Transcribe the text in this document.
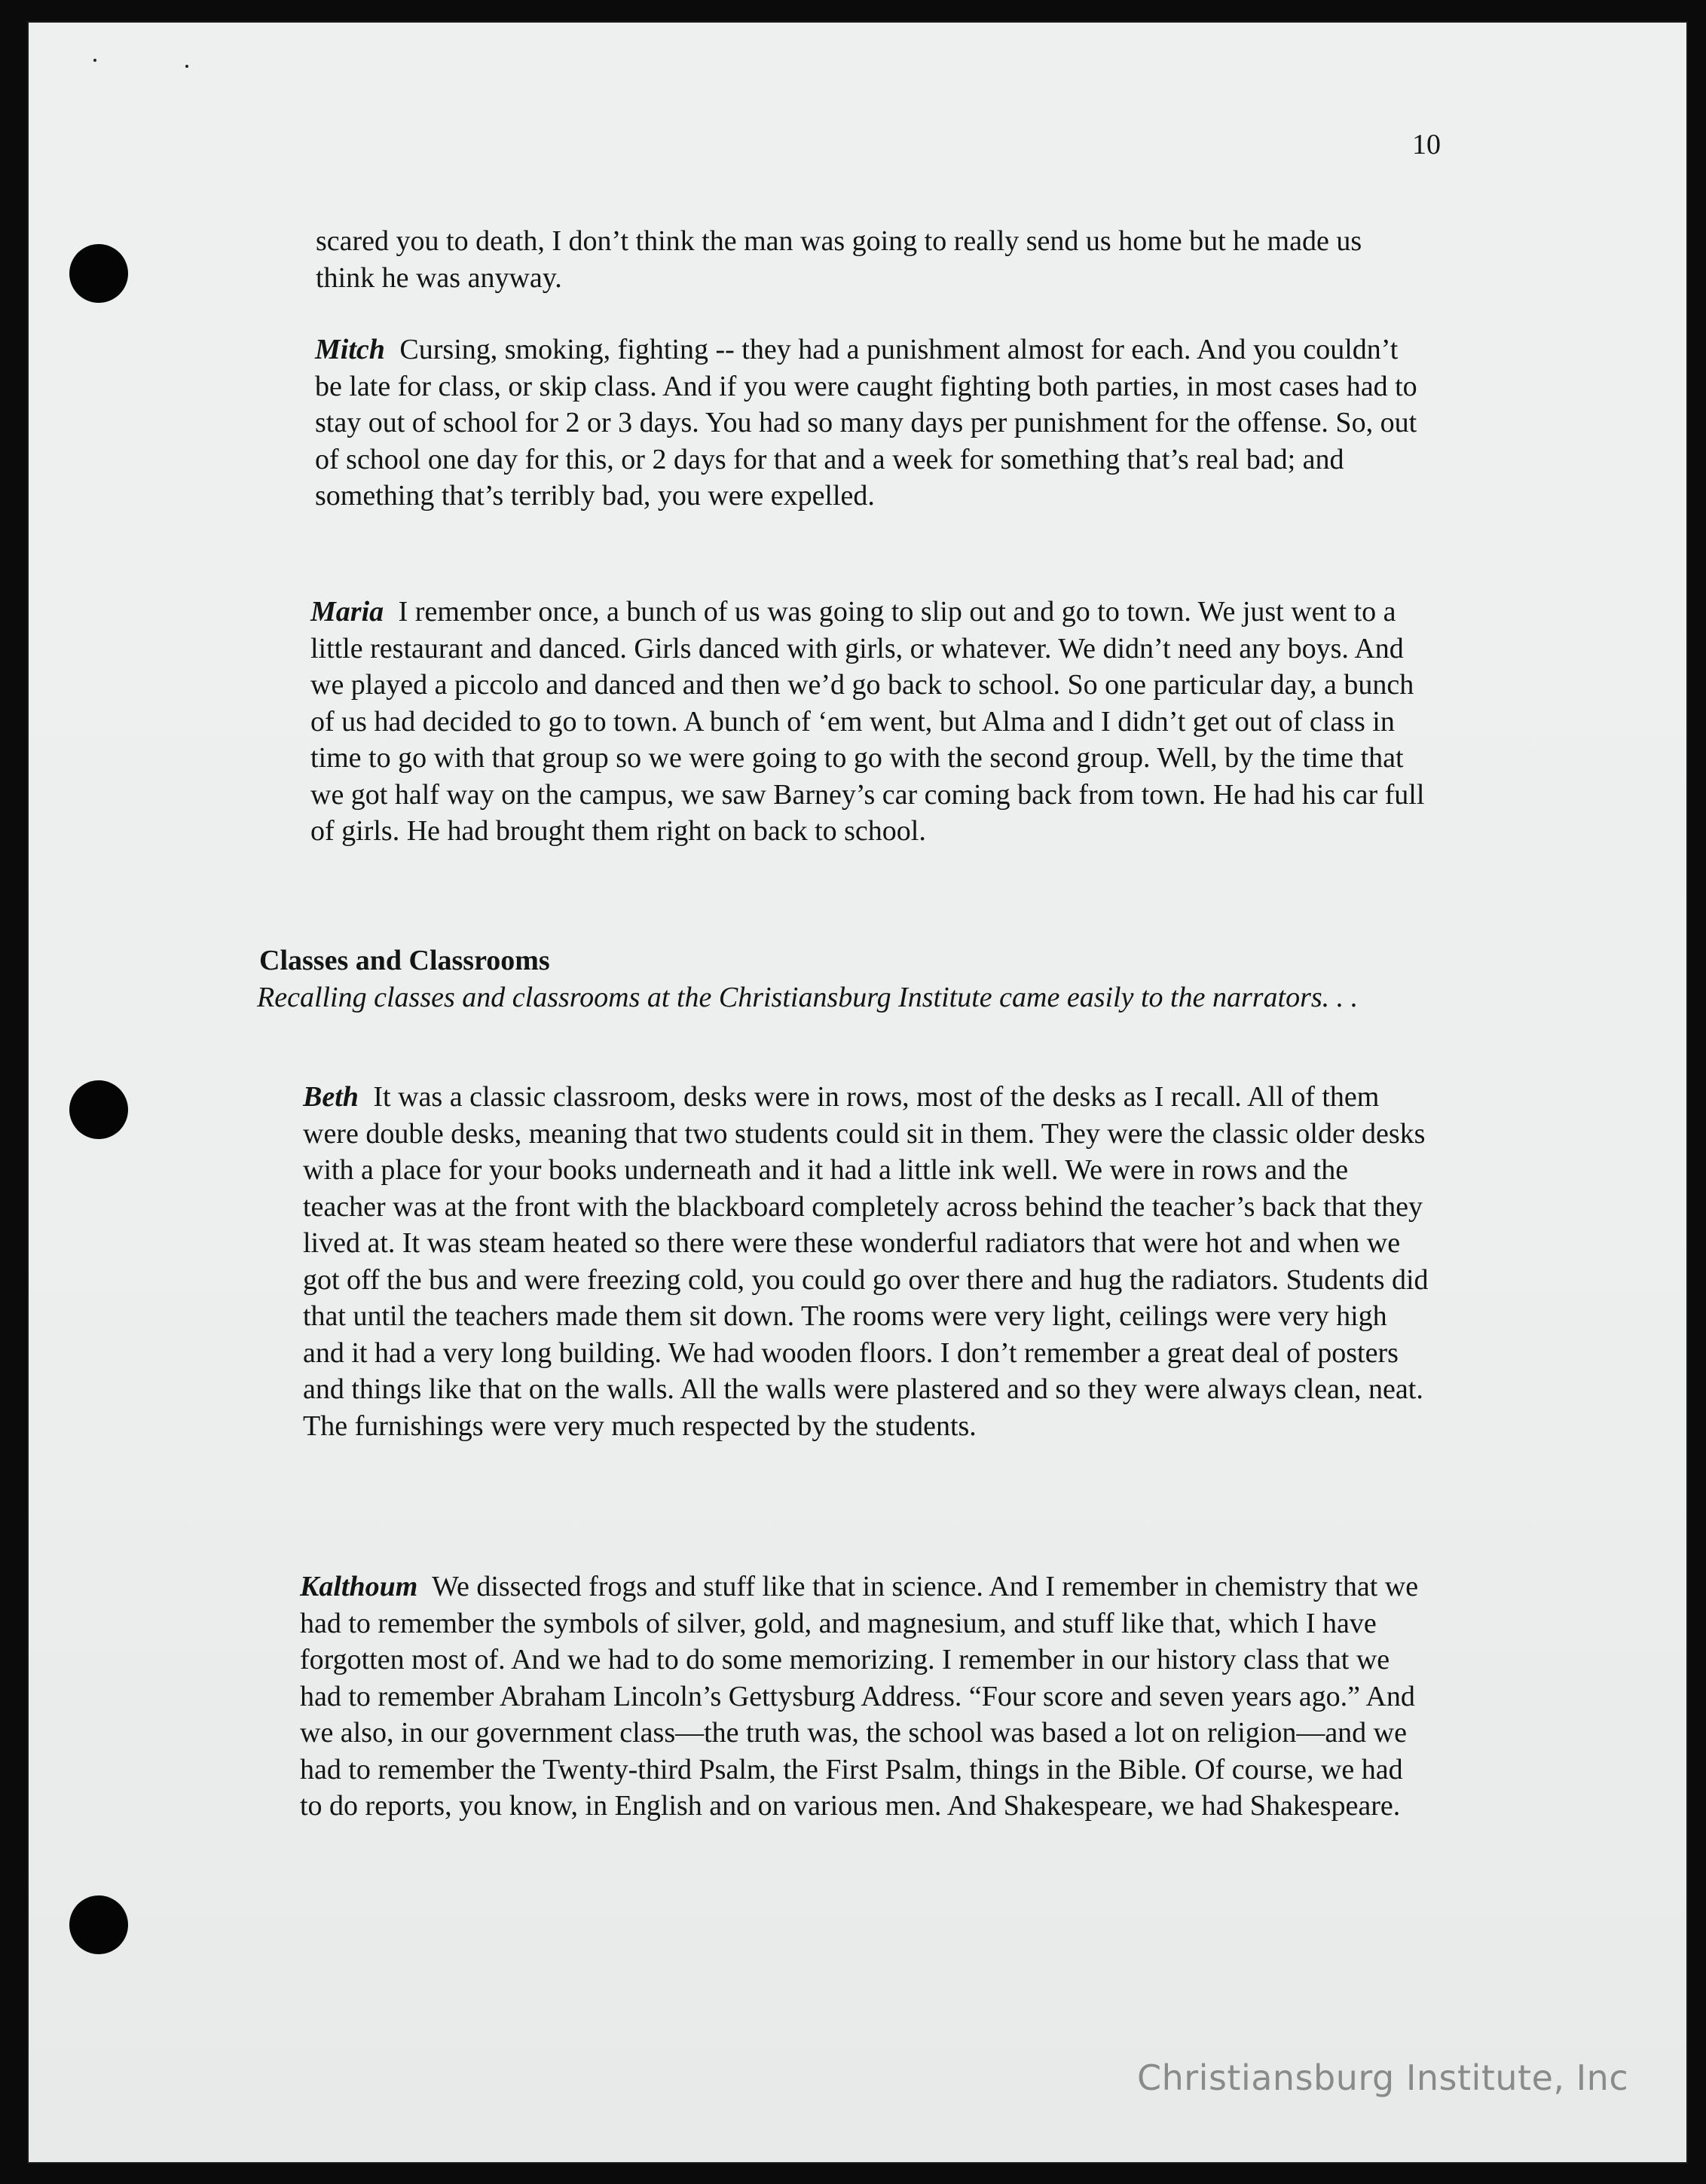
10

scared you to death, I don’t think the man was going to really send us home but he made us think he was anyway.

Mitch Cursing, smoking, fighting -- they had a punishment almost for each. And you couldn’t be late for class, or skip class. And if you were caught fighting both parties, in most cases had to stay out of school for 2 or 3 days. You had so many days per punishment for the offense. So, out of school one day for this, or 2 days for that and a week for something that’s real bad; and something that’s terribly bad, you were expelled.

Maria I remember once, a bunch of us was going to slip out and go to town. We just went to a little restaurant and danced. Girls danced with girls, or whatever. We didn’t need any boys. And we played a piccolo and danced and then we’d go back to school. So one particular day, a bunch of us had decided to go to town. A bunch of ‘em went, but Alma and I didn’t get out of class in time to go with that group so we were going to go with the second group. Well, by the time that we got half way on the campus, we saw Barney’s car coming back from town. He had his car full of girls. He had brought them right on back to school.

Classes and Classrooms

Recalling classes and classrooms at the Christiansburg Institute came easily to the narrators. . .

Beth It was a classic classroom, desks were in rows, most of the desks as I recall. All of them were double desks, meaning that two students could sit in them. They were the classic older desks with a place for your books underneath and it had a little ink well. We were in rows and the teacher was at the front with the blackboard completely across behind the teacher’s back that they lived at. It was steam heated so there were these wonderful radiators that were hot and when we got off the bus and were freezing cold, you could go over there and hug the radiators. Students did that until the teachers made them sit down. The rooms were very light, ceilings were very high and it had a very long building. We had wooden floors. I don’t remember a great deal of posters and things like that on the walls. All the walls were plastered and so they were always clean, neat. The furnishings were very much respected by the students.

Kalthoum We dissected frogs and stuff like that in science. And I remember in chemistry that we had to remember the symbols of silver, gold, and magnesium, and stuff like that, which I have forgotten most of. And we had to do some memorizing. I remember in our history class that we had to remember Abraham Lincoln’s Gettysburg Address. “Four score and seven years ago.” And we also, in our government class—the truth was, the school was based a lot on religion—and we had to remember the Twenty-third Psalm, the First Psalm, things in the Bible. Of course, we had to do reports, you know, in English and on various men. And Shakespeare, we had Shakespeare.

Christiansburg Institute, Inc
